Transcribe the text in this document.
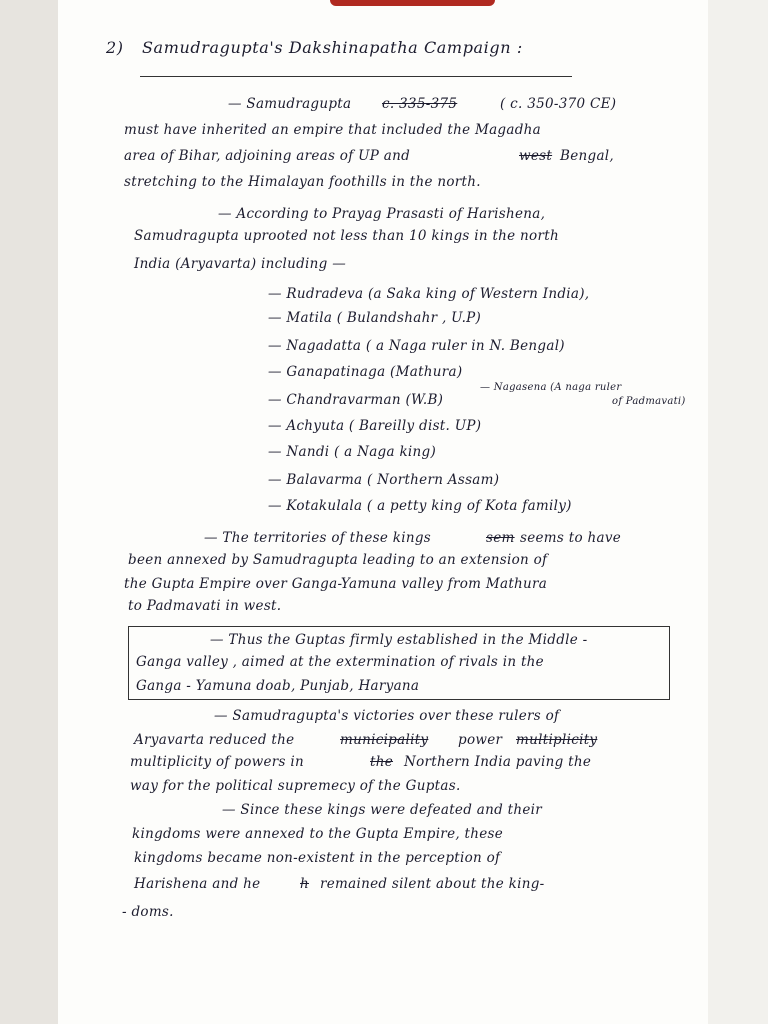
2) Samudragupta's Dakshinapatha Campaign :
— Samudragupta c. 335-375	( c. 350-370 CE)
must have inherited an empire that included the Magadha
area of Bihar, adjoining areas of UP and	west Bengal,
stretching to the Himalayan foothills in the north.
— According to Prayag Prasasti of Harishena,
Samudragupta uprooted not less than 10 kings in the north
India (Aryavarta) including —
— Rudradeva (a Saka king of Western India),
— Matila ( Bulandshahr , U.P)
— Nagadatta ( a Naga ruler in N. Bengal)
— Ganapatinaga (Mathura)
— Chandravarman (W.B)
— Achyuta ( Bareilly dist. UP)
— Nandi ( a Naga king)
— Balavarma ( Northern Assam)
— Kotakulala ( a petty king of Kota family)
— Nagasena (A naga ruler
of Padmavati)
— The territories of these kings	sem seems to have
been annexed by Samudragupta leading to an extension of
the Gupta Empire over Ganga-Yamuna valley from Mathura
to Padmavati in west.
— Thus the Guptas firmly established in the Middle -
Ganga valley , aimed at the extermination of rivals in the
Ganga - Yamuna doab, Punjab, Haryana
— Samudragupta's victories over these rulers of
Aryavarta reduced the	municipality power multiplicity
multiplicity of powers in	the Northern India paving the
way for the political supremecy of the Guptas.
— Since these kings were defeated and their
kingdoms were annexed to the Gupta Empire, these
kingdoms became non-existent in the perception of
Harishena and he	h remained silent about the king-
- doms.
